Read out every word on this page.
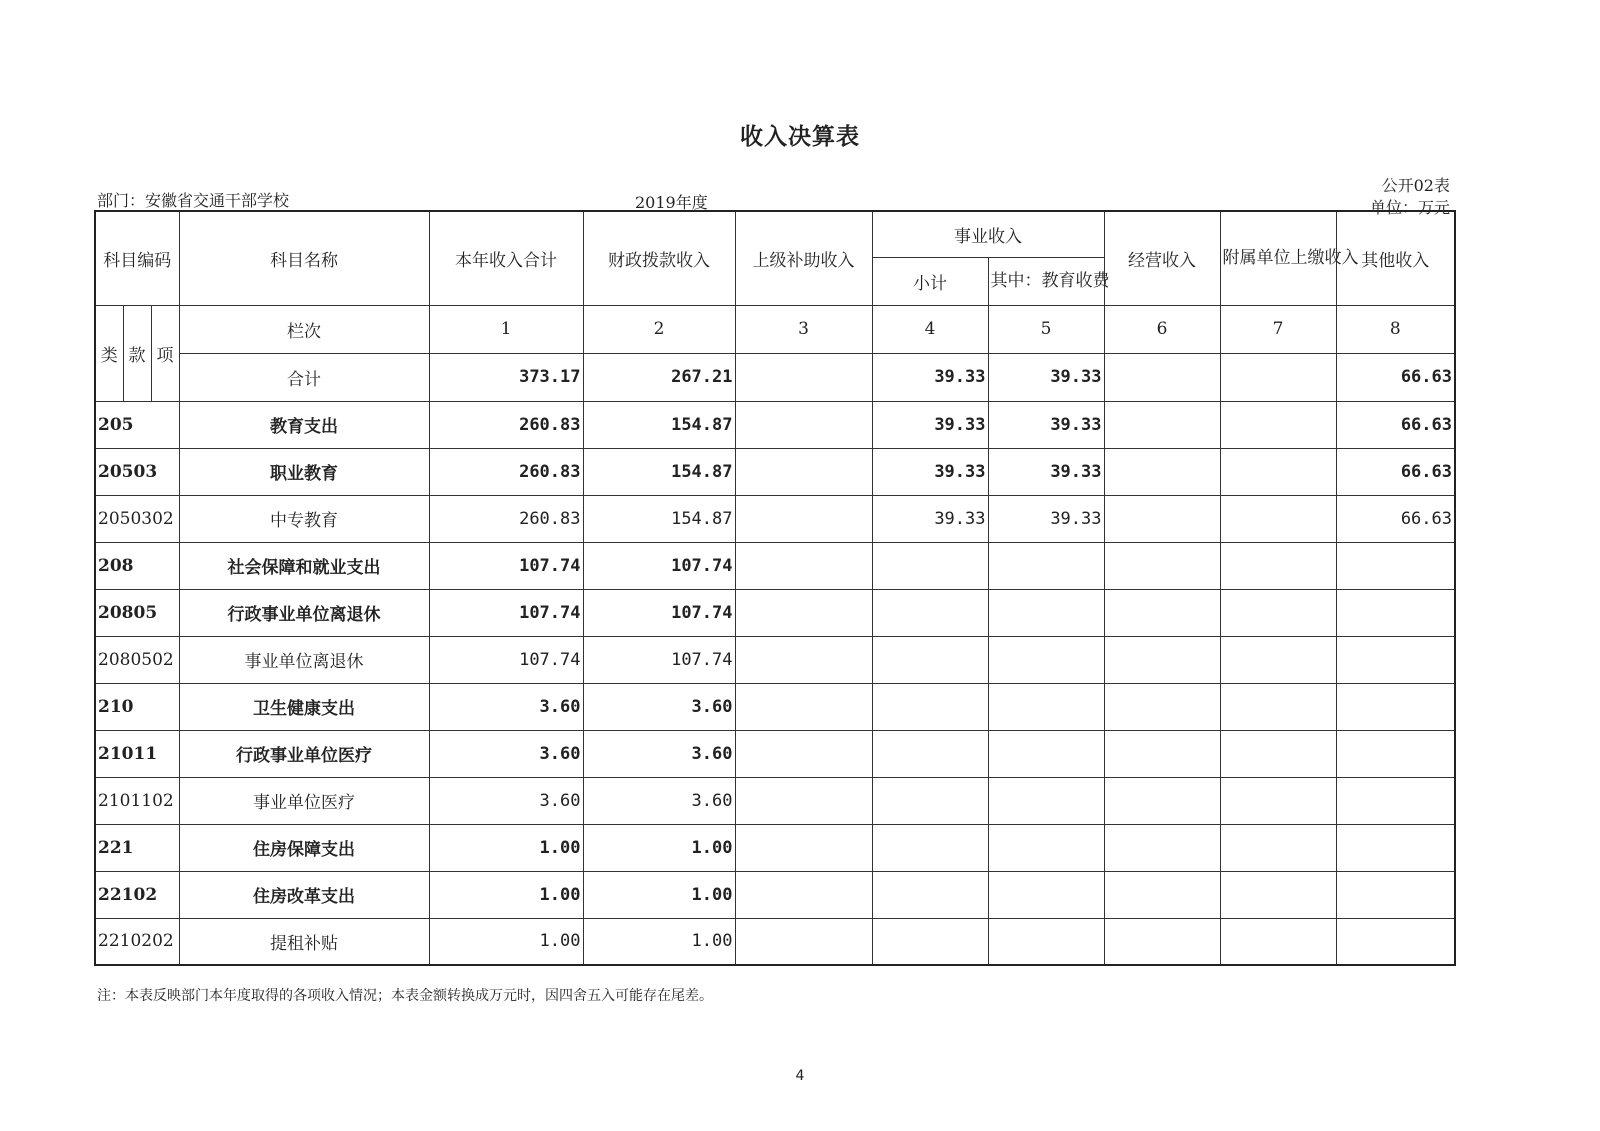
收入决算表
部门：安徽省交通干部学校	2019年度
公开02表
单位：万元
科目编码			科目名称	本年收入合计	财政拨款收入	上级补助收入	事业收入		经营收入	附属单位上缴收入	其他收入
							小计	其中：教育收费			
类	款	项	栏次	1	2	3	4	5	6	7	8
			合计	373.17	267.21		39.33	39.33			66.63
205			教育支出	260.83	154.87		39.33	39.33			66.63
20503			职业教育	260.83	154.87		39.33	39.33			66.63
2050302			中专教育	260.83	154.87		39.33	39.33			66.63
208			社会保障和就业支出	107.74	107.74						
20805			行政事业单位离退休	107.74	107.74						
2080502			事业单位离退休	107.74	107.74						
210			卫生健康支出	3.60	3.60						
21011			行政事业单位医疗	3.60	3.60						
2101102			事业单位医疗	3.60	3.60						
221			住房保障支出	1.00	1.00						
22102			住房改革支出	1.00	1.00						
2210202			提租补贴	1.00	1.00						
注：本表反映部门本年度取得的各项收入情况；本表金额转换成万元时，因四舍五入可能存在尾差。
4
